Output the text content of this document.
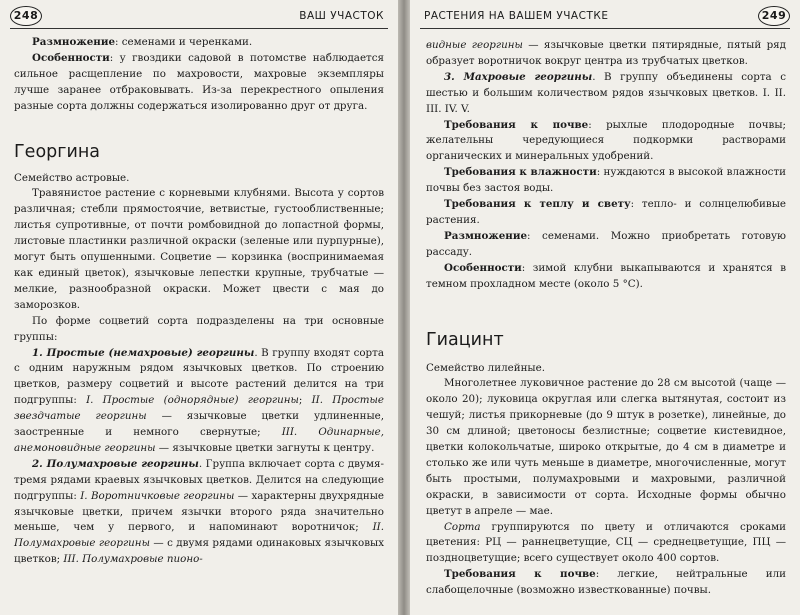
248	ВАШ УЧАСТОК

Размножение: семенами и черенками.

Особенности: у гвоздики садовой в потомстве наблюдается сильное расщепление по махровости, махровые экземпляры лучше заранее отбраковывать. Из-за перекрестного опыления разные сорта должны содержаться изолированно друг от друга.

Георгина

Семейство астровые.

Травянистое растение с корневыми клубнями. Высота у сортов различная; стебли прямостоячие, ветвистые, густооблиственные; листья супротивные, от почти ромбовидной до лопастной формы, листовые пластинки различной окраски (зеленые или пурпурные), могут быть опушенными. Соцветие — корзинка (воспринимаемая как единый цветок), язычковые лепестки крупные, трубчатые — мелкие, разнообразной окраски. Может цвести с мая до заморозков.

По форме соцветий сорта подразделены на три основные группы:

1. Простые (немахровые) георгины. В группу входят сорта с одним наружным рядом язычковых цветков. По строению цветков, размеру соцветий и высоте растений делится на три подгруппы: I. Простые (однорядные) георгины; II. Простые звездчатые георгины — язычковые цветки удлиненные, заостренные и немного свернутые; III. Одинарные, анемоновидные георгины — язычковые цветки загнуты к центру.

2. Полумахровые георгины. Группа включает сорта с двумя-тремя рядами краевых язычковых цветков. Делится на следующие подгруппы: I. Воротничковые георгины — характерны двухрядные язычковые цветки, причем язычки второго ряда значительно меньше, чем у первого, и напоминают воротничок; II. Полумахровые георгины — с двумя рядами одинаковых язычковых цветков; III. Полумахровые пионо-

РАСТЕНИЯ НА ВАШЕМ УЧАСТКЕ	249

видные георгины — язычковые цветки пятирядные, пятый ряд образует воротничок вокруг центра из трубчатых цветков.

3. Махровые георгины. В группу объединены сорта с шестью и большим количеством рядов язычковых цветков. I. II. III. IV. V.

Требования к почве: рыхлые плодородные почвы; желательны чередующиеся подкормки растворами органических и минеральных удобрений.

Требования к влажности: нуждаются в высокой влажности почвы без застоя воды.

Требования к теплу и свету: тепло- и солнцелюбивые растения.

Размножение: семенами. Можно приобретать готовую рассаду.

Особенности: зимой клубни выкапываются и хранятся в темном прохладном месте (около 5 °С).

Гиацинт

Семейство лилейные.

Многолетнее луковичное растение до 28 см высотой (чаще — около 20); луковица округлая или слегка вытянутая, состоит из чешуй; листья прикорневые (до 9 штук в розетке), линейные, до 30 см длиной; цветоносы безлистные; соцветие кистевидное, цветки колокольчатые, широко открытые, до 4 см в диаметре и столько же или чуть меньше в диаметре, многочисленные, могут быть простыми, полумахровыми и махровыми, различной окраски, в зависимости от сорта. Исходные формы обычно цветут в апреле — мае.

Сорта группируются по цвету и отличаются сроками цветения: РЦ — раннецветущие, СЦ — среднецветущие, ПЦ — поздноцветущие; всего существует около 400 сортов.

Требования к почве: легкие, нейтральные или слабощелочные (возможно известкованные) почвы.
